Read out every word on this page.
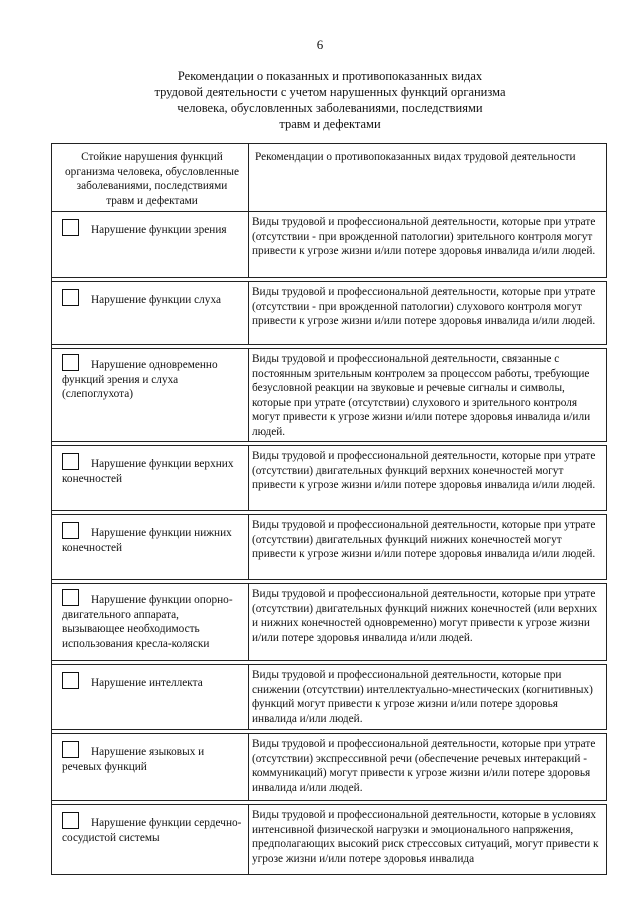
6
Рекомендации о показанных и противопоказанных видах
трудовой деятельности с учетом нарушенных функций организма
человека, обусловленных заболеваниями, последствиями
травм и дефектами
Стойкие нарушения функций организма человека, обусловленные заболеваниями, последствиями травм и дефектами
Рекомендации о противопоказанных видах трудовой деятельности
Нарушение функции зрения
Виды трудовой и профессиональной деятельности, которые при утрате (отсутствии - при врожденной патологии) зрительного контроля могут привести к угрозе жизни и/или потере здоровья инвалида и/или людей.
Нарушение функции слуха
Виды трудовой и профессиональной деятельности, которые при утрате (отсутствии - при врожденной патологии) слухового контроля могут привести к угрозе жизни и/или потере здоровья инвалида и/или людей.
Нарушение одновременно функций зрения и слуха (слепоглухота)
Виды трудовой и профессиональной деятельности, связанные с постоянным зрительным контролем за процессом работы, требующие безусловной реакции на звуковые и речевые сигналы и символы, которые при утрате (отсутствии) слухового и зрительного контроля могут привести к угрозе жизни и/или потере здоровья инвалида и/или людей.
Нарушение функции верхних конечностей
Виды трудовой и профессиональной деятельности, которые при утрате (отсутствии) двигательных функций верхних конечностей могут привести к угрозе жизни и/или потере здоровья инвалида и/или людей.
Нарушение функции нижних конечностей
Виды трудовой и профессиональной деятельности, которые при утрате (отсутствии) двигательных функций нижних конечностей могут привести к угрозе жизни и/или потере здоровья инвалида и/или людей.
Нарушение функции опорно-двигательного аппарата, вызывающее необходимость использования кресла-коляски
Виды трудовой и профессиональной деятельности, которые при утрате (отсутствии) двигательных функций нижних конечностей (или верхних и нижних конечностей одновременно) могут привести к угрозе жизни и/или потере здоровья инвалида и/или людей.
Нарушение интеллекта
Виды трудовой и профессиональной деятельности, которые при снижении (отсутствии) интеллектуально-мнестических (когнитивных) функций могут привести к угрозе жизни и/или потере здоровья инвалида и/или людей.
Нарушение языковых и речевых функций
Виды трудовой и профессиональной деятельности, которые при утрате (отсутствии) экспрессивной речи (обеспечение речевых интеракций - коммуникаций) могут привести к угрозе жизни и/или потере здоровья инвалида и/или людей.
Нарушение функции сердечно-сосудистой системы
Виды трудовой и профессиональной деятельности, которые в условиях интенсивной физической нагрузки и эмоционального напряжения, предполагающих высокий риск стрессовых ситуаций, могут привести к угрозе жизни и/или потере здоровья инвалида
